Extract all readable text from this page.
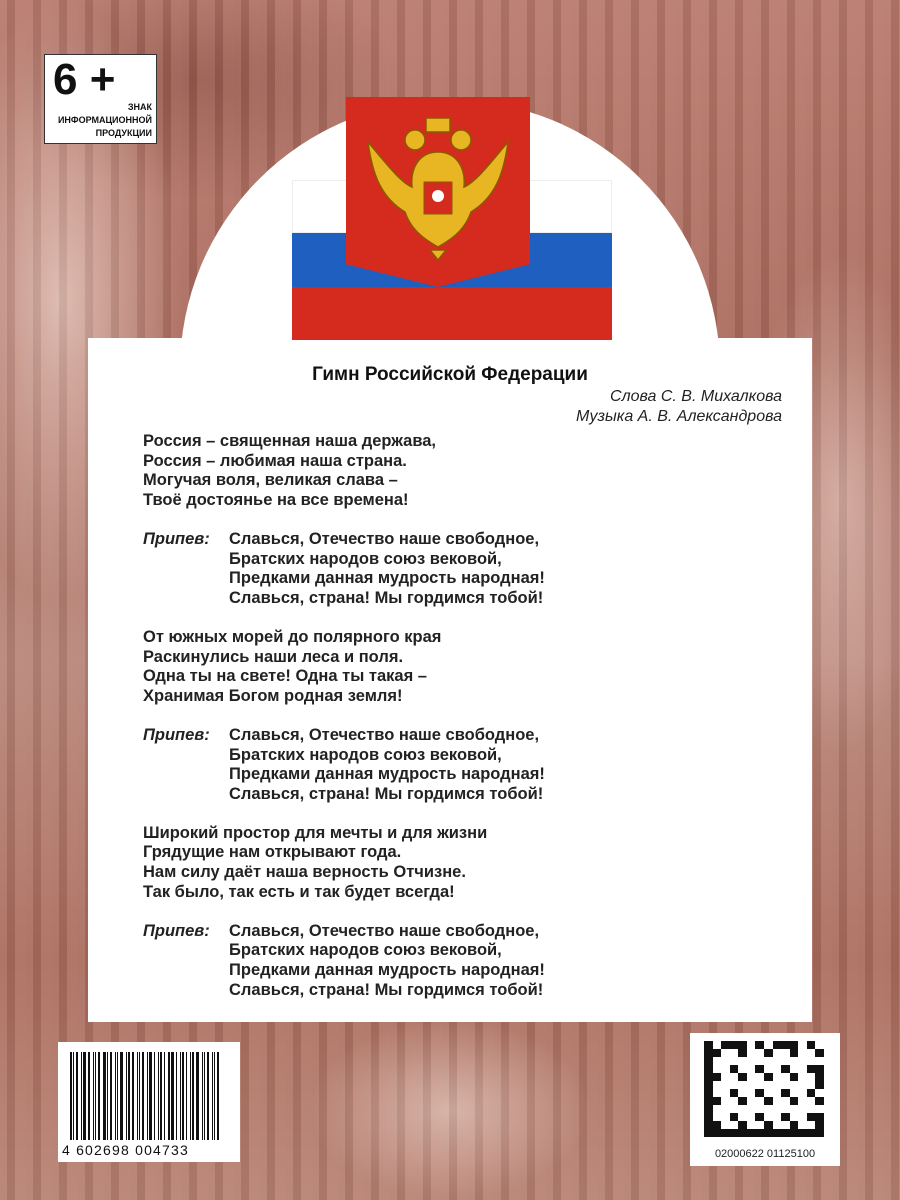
6 +
ЗНАК ИНФОРМАЦИОННОЙ ПРОДУКЦИИ
Гимн Российской Федерации
Слова С. В. Михалкова
Музыка А. В. Александрова
Россия – священная наша держава,
Россия – любимая наша страна.
Могучая воля, великая слава –
Твоё достоянье на все времена!
Припев:	Славься, Отечество наше свободное,
Братских народов союз вековой,
Предками данная мудрость народная!
Славься, страна! Мы гордимся тобой!
От южных морей до полярного края
Раскинулись наши леса и поля.
Одна ты на свете! Одна ты такая –
Хранимая Богом родная земля!
Припев:	Славься, Отечество наше свободное,
Братских народов союз вековой,
Предками данная мудрость народная!
Славься, страна! Мы гордимся тобой!
Широкий простор для мечты и для жизни
Грядущие нам открывают года.
Нам силу даёт наша верность Отчизне.
Так было, так есть и так будет всегда!
Припев:	Славься, Отечество наше свободное,
Братских народов союз вековой,
Предками данная мудрость народная!
Славься, страна! Мы гордимся тобой!
4 602698 004733	02000622 01125100
